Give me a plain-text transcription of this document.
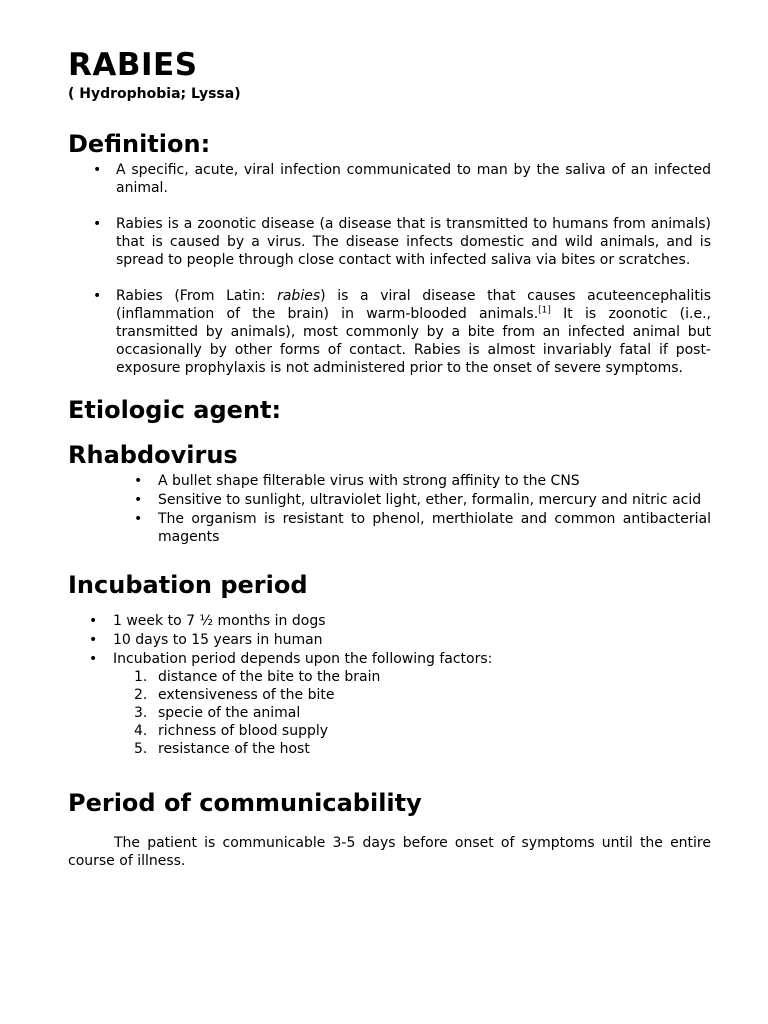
RABIES
( Hydrophobia; Lyssa)
Definition:
• A specific, acute, viral infection communicated to man by the saliva of an infected animal.
• Rabies is a zoonotic disease (a disease that is transmitted to humans from animals) that is caused by a virus. The disease infects domestic and wild animals, and is spread to people through close contact with infected saliva via bites or scratches.
• Rabies (From Latin: rabies) is a viral disease that causes acuteencephalitis (inflammation of the brain) in warm-blooded animals.[1] It is zoonotic (i.e., transmitted by animals), most commonly by a bite from an infected animal but occasionally by other forms of contact. Rabies is almost invariably fatal if post-exposure prophylaxis is not administered prior to the onset of severe symptoms.
Etiologic agent:
Rhabdovirus
• A bullet shape filterable virus with strong affinity to the CNS
• Sensitive to sunlight, ultraviolet light, ether, formalin, mercury and nitric acid
• The organism is resistant to phenol, merthiolate and common antibacterial magents
Incubation period
• 1 week to 7 ½ months in dogs
• 10 days to 15 years in human
• Incubation period depends upon the following factors:
1. distance of the bite to the brain
2. extensiveness of the bite
3. specie of the animal
4. richness of blood supply
5. resistance of the host
Period of communicability

The patient is communicable 3-5 days before onset of symptoms until the entire course of illness.
